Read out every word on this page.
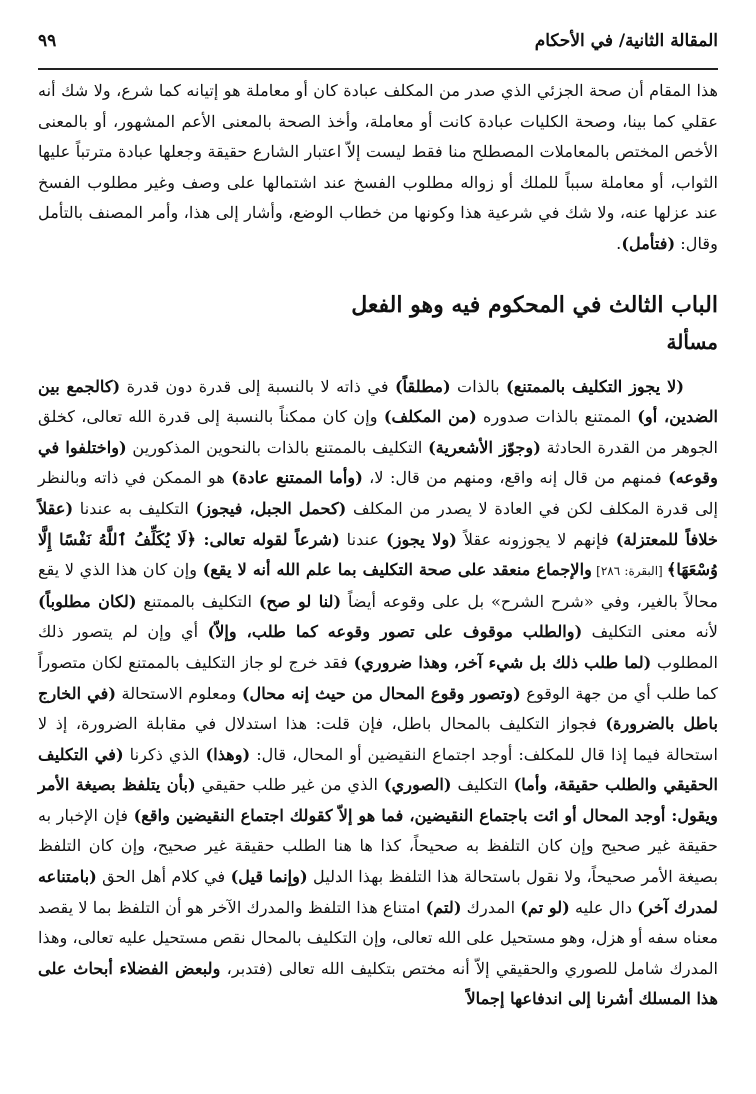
المقالة الثانية/ في الأحكام
٩٩

هذا المقام أن صحة الجزئي الذي صدر من المكلف عبادة كان أو معاملة هو إتيانه كما شرع، ولا شك أنه عقلي كما بينا، وصحة الكليات عبادة كانت أو معاملة، وأخذ الصحة بالمعنى الأعم المشهور، أو بالمعنى الأخص المختص بالمعاملات المصطلح منا فقط ليست إلاّ اعتبار الشارع حقيقة وجعلها عبادة مترتباً عليها الثواب، أو معاملة سبباً للملك أو زواله مطلوب الفسخ عند اشتمالها على وصف وغير مطلوب الفسخ عند عزلها عنه، ولا شك في شرعية هذا وكونها من خطاب الوضع، وأشار إلى هذا، وأمر المصنف بالتأمل وقال: (فتأمل).

الباب الثالث في المحكوم فيه وهو الفعل
مسألة

(لا يجوز التكليف بالممتنع) بالذات (مطلقاً) في ذاته لا بالنسبة إلى قدرة دون قدرة (كالجمع بين الضدين، أو) الممتنع بالذات صدوره (من المكلف) وإن كان ممكناً بالنسبة إلى قدرة الله تعالى، كخلق الجوهر من القدرة الحادثة (وجوّز الأشعرية) التكليف بالممتنع بالذات بالنحوين المذكورين (واختلفوا في وقوعه) فمنهم من قال إنه واقع، ومنهم من قال: لا، (وأما الممتنع عادة) هو الممكن في ذاته وبالنظر إلى قدرة المكلف لكن في العادة لا يصدر من المكلف (كحمل الجبل، فيجوز) التكليف به عندنا (عقلاً خلافاً للمعتزلة) فإنهم لا يجوزونه عقلاً (ولا يجوز) عندنا (شرعاً لقوله تعالى: ﴿لَا يُكَلِّفُ ٱللَّهُ نَفْسًا إِلَّا وُسْعَهَا﴾ [البقرة: ٢٨٦] والإجماع منعقد على صحة التكليف بما علم الله أنه لا يقع) وإن كان هذا الذي لا يقع محالاً بالغير، وفي «شرح الشرح» بل على وقوعه أيضاً (لنا لو صح) التكليف بالممتنع (لكان مطلوباً) لأنه معنى التكليف (والطلب موقوف على تصور وقوعه كما طلب، وإلاّ) أي وإن لم يتصور ذلك المطلوب (لما طلب ذلك بل شيء آخر، وهذا ضروري) فقد خرج لو جاز التكليف بالممتنع لكان متصوراً كما طلب أي من جهة الوقوع (وتصور وقوع المحال من حيث إنه محال) ومعلوم الاستحالة (في الخارج باطل بالضرورة) فجواز التكليف بالمحال باطل، فإن قلت: هذا استدلال في مقابلة الضرورة، إذ لا استحالة فيما إذا قال للمكلف: أوجد اجتماع النقيضين أو المحال، قال: (وهذا) الذي ذكرنا (في التكليف الحقيقي والطلب حقيقة، وأما) التكليف (الصوري) الذي من غير طلب حقيقي (بأن يتلفظ بصيغة الأمر ويقول: أوجد المحال أو ائت باجتماع النقيضين، فما هو إلاّ كقولك اجتماع النقيضين واقع) فإن الإخبار به حقيقة غير صحيح وإن كان التلفظ به صحيحاً، كذا ها هنا الطلب حقيقة غير صحيح، وإن كان التلفظ بصيغة الأمر صحيحاً، ولا نقول باستحالة هذا التلفظ بهذا الدليل (وإنما قيل) في كلام أهل الحق (بامتناعه لمدرك آخر) دال عليه (لو تم) المدرك (لتم) امتناع هذا التلفظ والمدرك الآخر هو أن التلفظ بما لا يقصد معناه سفه أو هزل، وهو مستحيل على الله تعالى، وإن التكليف بالمحال نقص مستحيل عليه تعالى، وهذا المدرك شامل للصوري والحقيقي إلاّ أنه مختص بتكليف الله تعالى (فتدبر، ولبعض الفضلاء أبحاث على هذا المسلك أشرنا إلى اندفاعها إجمالاً
